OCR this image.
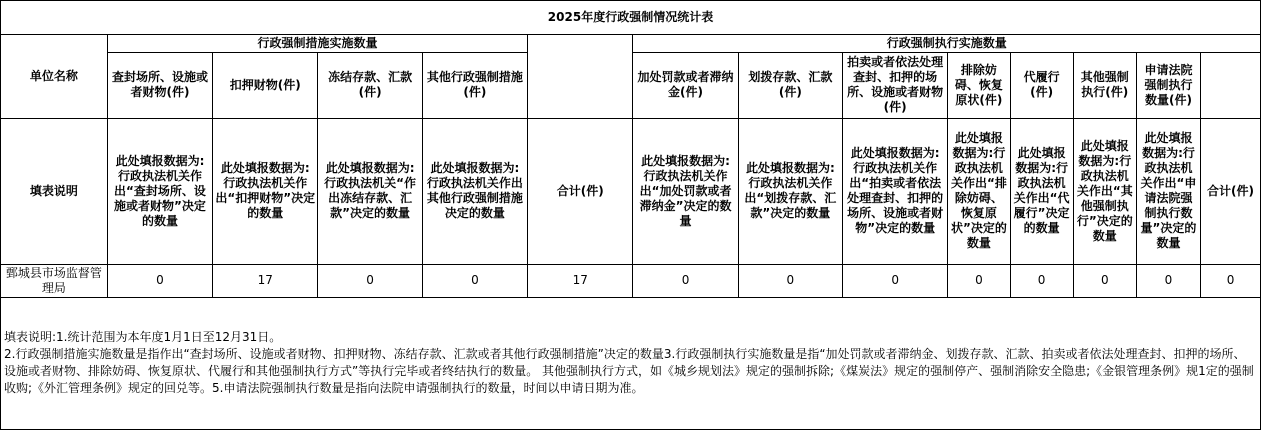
2025年度行政强制情况统计表													
单位名称	行政强制措施实施数量					行政强制执行实施数量							
	查封场所、设施或者财物(件)	扣押财物(件)	冻结存款、汇款(件)	其他行政强制措施(件)		加处罚款或者滞纳金(件)	划拨存款、汇款(件)	拍卖或者依法处理查封、扣押的场所、设施或者财物(件)	排除妨碍、恢复原状(件)	代履行(件)	其他强制执行(件)	申请法院强制执行数量(件)	
填表说明	此处填报数据为:行政执法机关作出“查封场所、设施或者财物”决定的数量	此处填报数据为:行政执法机关作出“扣押财物”决定的数量	此处填报数据为:行政执法机关“作出冻结存款、汇款”决定的数量	此处填报数据为:行政执法机关作出其他行政强制措施决定的数量	合计(件)	此处填报数据为:行政执法机关作出“加处罚款或者滞纳金”决定的数量	此处填报数据为:行政执法机关作出“划拨存款、汇款”决定的数量	此处填报数据为:行政执法机关作出“拍卖或者依法处理查封、扣押的场所、设施或者财物”决定的数量	此处填报数据为:行政执法机关作出“排除妨碍、恢复原状”决定的数量	此处填报数据为:行政执法机关作出“代履行”决定的数量	此处填报数据为:行政执法机关作出“其他强制执行”决定的数量	此处填报数据为:行政执法机关作出“申请法院强制执行数量”决定的数量	合计(件)
鄄城县市场监督管理局	0	17	0	0	17	0	0	0	0	0	0	0	0

填表说明:1.统计范围为本年度1月1日至12月31日。

2.行政强制措施实施数量是指作出“查封场所、设施或者财物、扣押财物、冻结存款、汇款或者其他行政强制措施”决定的数量3.行政强制执行实施数量是指“加处罚款或者滞纳金、划拨存款、汇款、拍卖或者依法处理查封、扣押的场所、设施或者财物、排除妨碍、恢复原状、代履行和其他强制执行方式”等执行完毕或者终结执行的数量。 其他强制执行方式，如《城乡规划法》规定的强制拆除;《煤炭法》规定的强制停产、强制消除安全隐患;《金银管理条例》规1定的强制收购;《外汇管理条例》规定的回兑等。5.申请法院强制执行数量是指向法院申请强制执行的数量，时间以申请日期为准。
